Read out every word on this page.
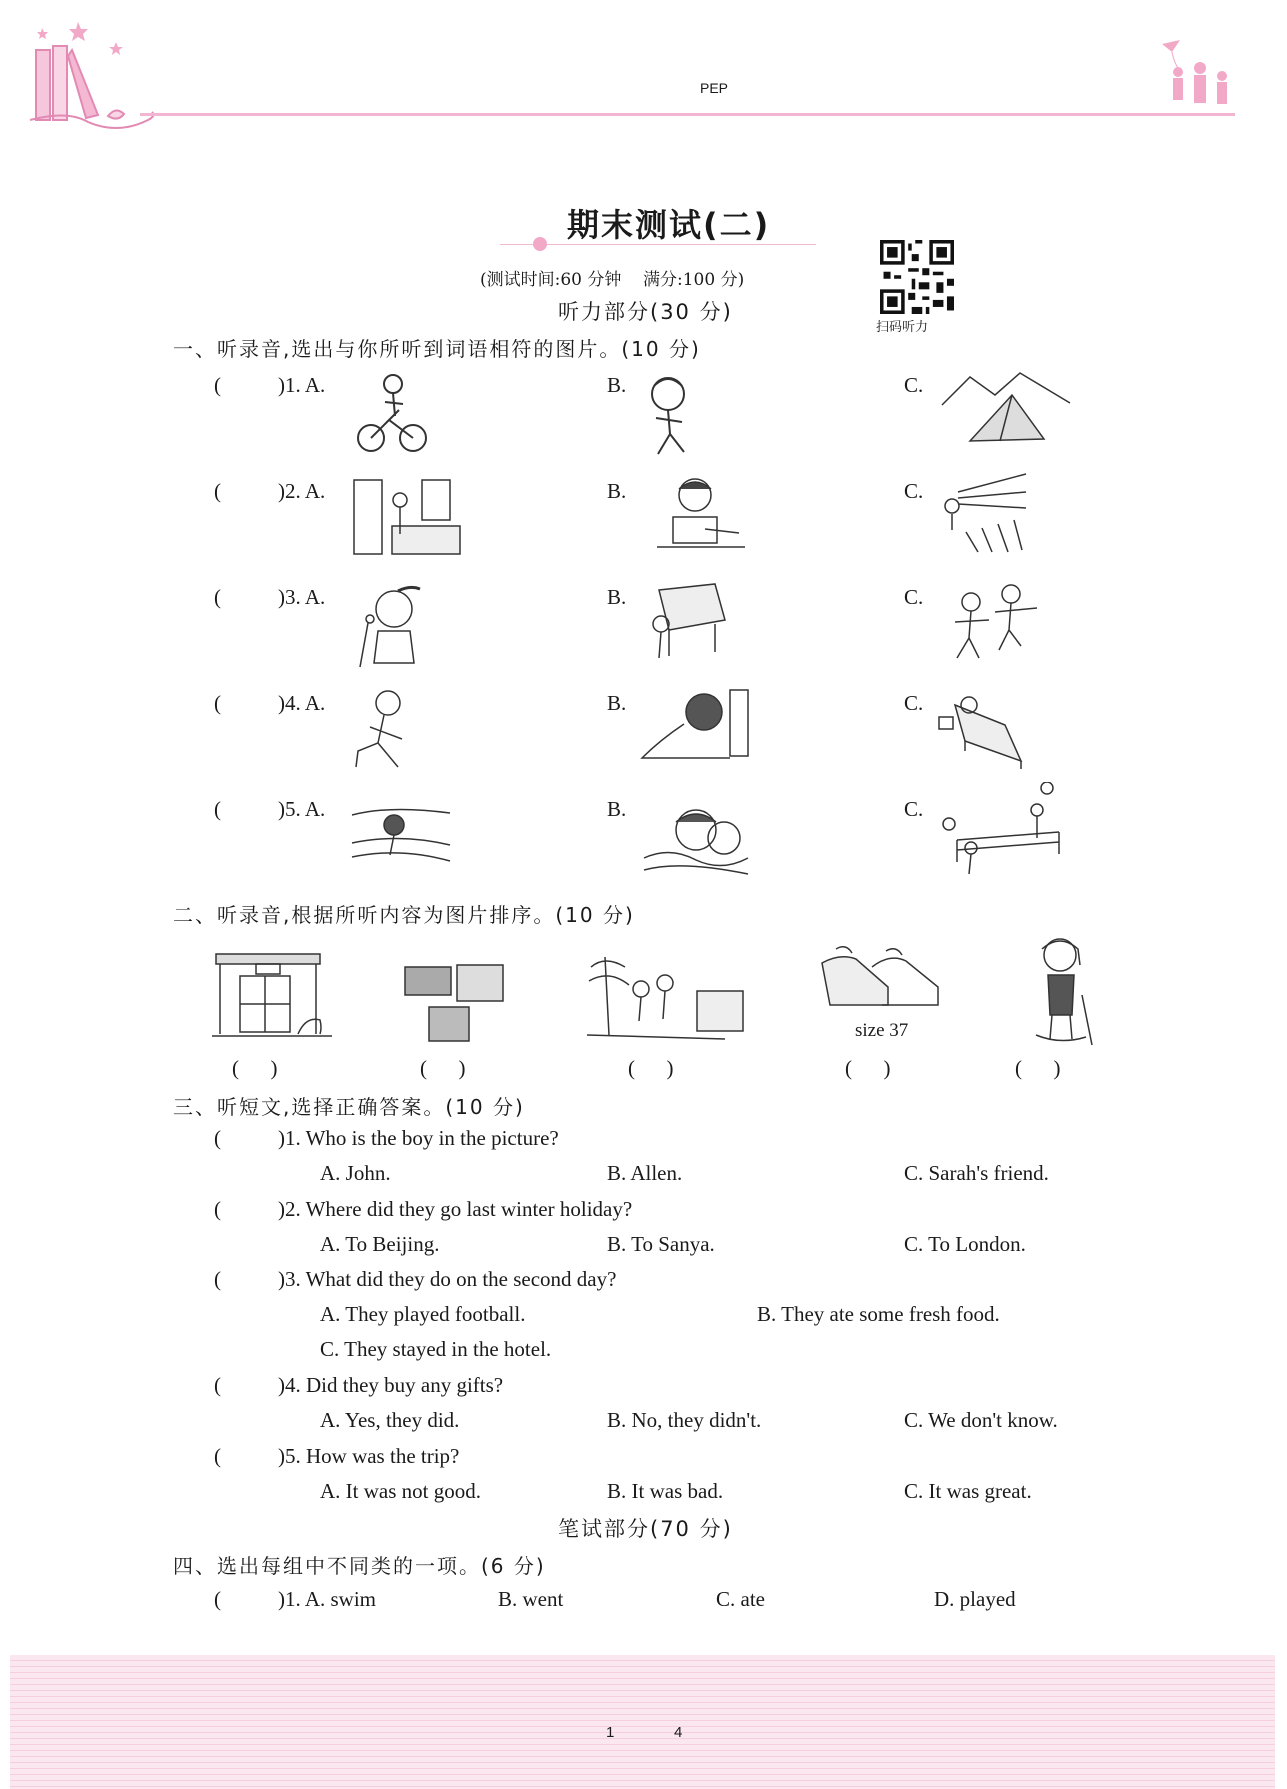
PEP
期末测试(二)
(测试时间:60 分钟    满分:100 分)
扫码听力
听力部分(30 分)
一、听录音,选出与你所听到词语相符的图片。(10 分)
(	)1. A.	B.	C.
(	)2. A.	B.	C.
(	)3. A.	B.	C.
(	)4. A.	B.	C.
(	)5. A.	B.	C.
二、听录音,根据所听内容为图片排序。(10 分)
size 37
(      )	(      )	(      )	(      )	(      )
三、听短文,选择正确答案。(10 分)
(	)1. Who is the boy in the picture?
A. John.	B. Allen.	C. Sarah's friend.
(	)2. Where did they go last winter holiday?
A. To Beijing.	B. To Sanya.	C. To London.
(	)3. What did they do on the second day?
A. They played football.	B. They ate some fresh food.
C. They stayed in the hotel.
(	)4. Did they buy any gifts?
A. Yes, they did.	B. No, they didn't.	C. We don't know.
(	)5. How was the trip?
A. It was not good.	B. It was bad.	C. It was great.
笔试部分(70 分)
四、选出每组中不同类的一项。(6 分)
(	)1. A. swim	B. went	C. ate	D. played
1	4
